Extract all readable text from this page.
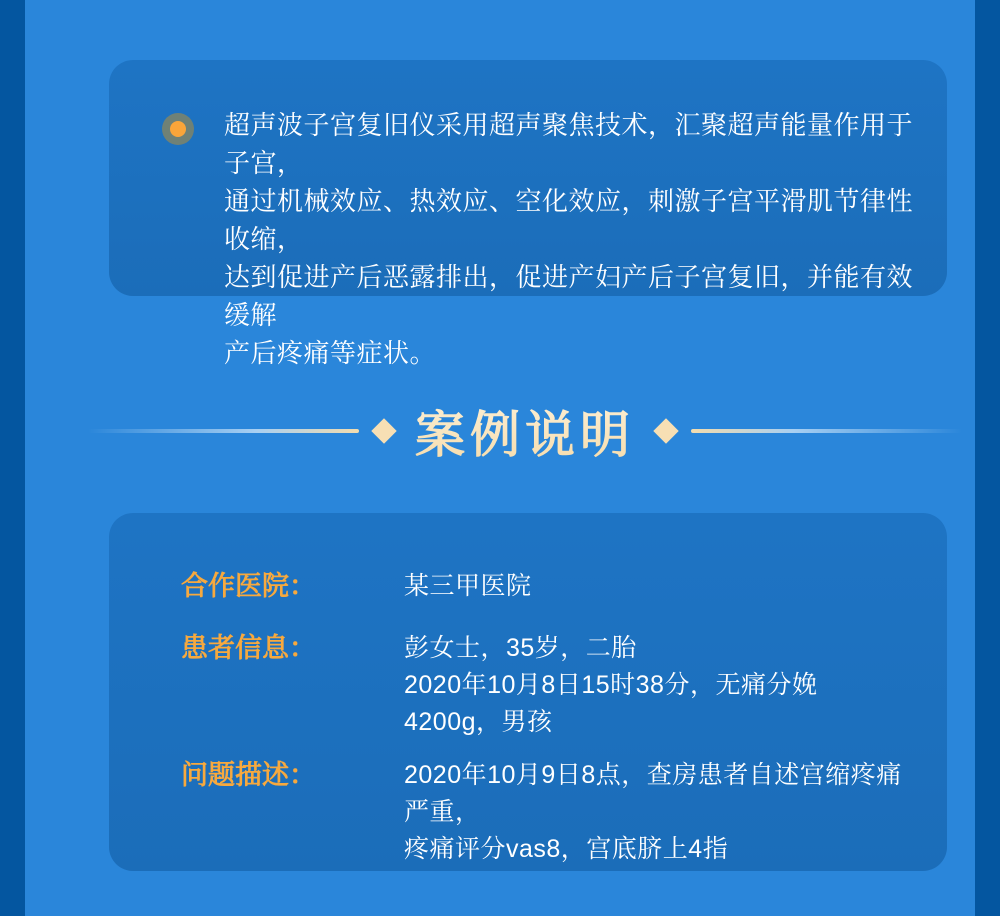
超声波子宫复旧仪采用超声聚焦技术，汇聚超声能量作用于子宫，
通过机械效应、热效应、空化效应，刺激子宫平滑肌节律性收缩，
达到促进产后恶露排出，促进产妇产后子宫复旧，并能有效缓解
产后疼痛等症状。
案例说明
合作医院：	某三甲医院
患者信息：	彭女士，35岁，二胎
2020年10月8日15时38分，无痛分娩4200g，男孩
问题描述：	2020年10月9日8点，查房患者自述宫缩疼痛严重，
疼痛评分vas8，宫底脐上4指
